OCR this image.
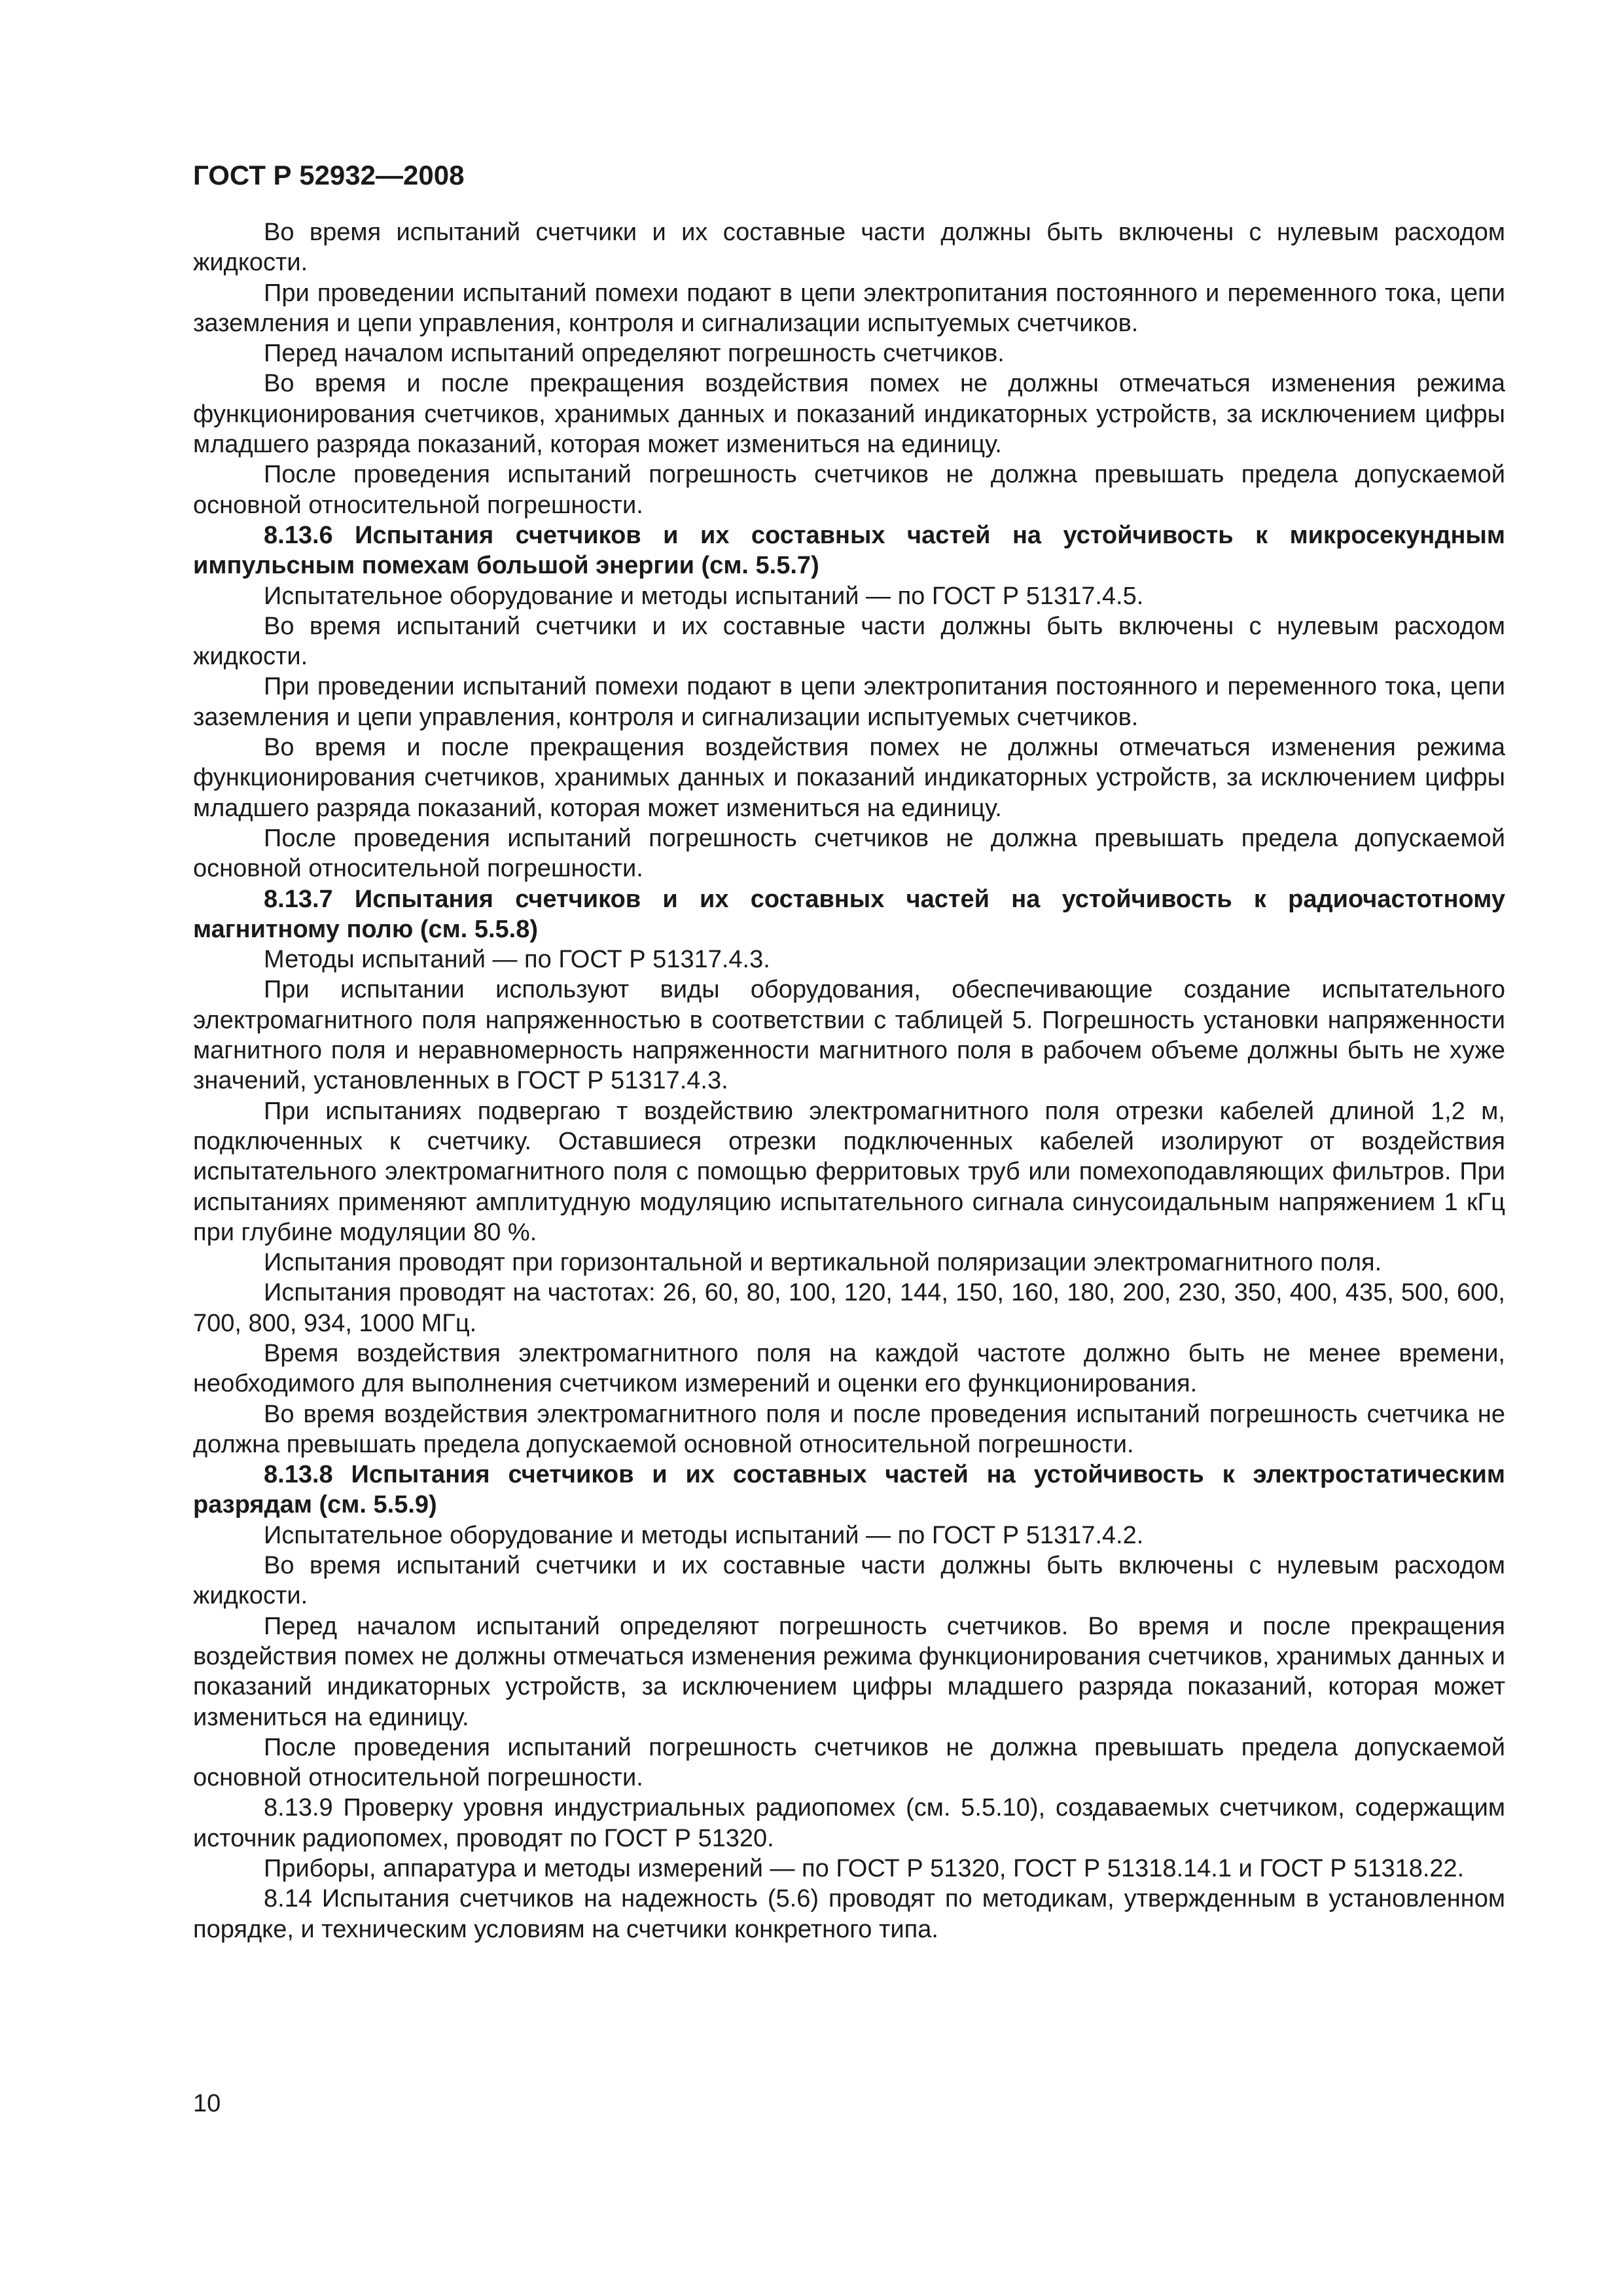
ГОСТ Р 52932—2008

Во время испытаний счетчики и их составные части должны быть включены с нулевым расходом жидкости.

При проведении испытаний помехи подают в цепи электропитания постоянного и переменного тока, цепи заземления и цепи управления, контроля и сигнализации испытуемых счетчиков.

Перед началом испытаний определяют погрешность счетчиков.

Во время и после прекращения воздействия помех не должны отмечаться изменения режима функционирования счетчиков, хранимых данных и показаний индикаторных устройств, за исключением цифры младшего разряда показаний, которая может измениться на единицу.

После проведения испытаний погрешность счетчиков не должна превышать предела допускаемой основной относительной погрешности.

8.13.6 Испытания счетчиков и их составных частей на устойчивость к микросекундным импульсным помехам большой энергии (см. 5.5.7)

Испытательное оборудование и методы испытаний — по ГОСТ Р 51317.4.5.

Во время испытаний счетчики и их составные части должны быть включены с нулевым расходом жидкости.

При проведении испытаний помехи подают в цепи электропитания постоянного и переменного тока, цепи заземления и цепи управления, контроля и сигнализации испытуемых счетчиков.

Во время и после прекращения воздействия помех не должны отмечаться изменения режима функционирования счетчиков, хранимых данных и показаний индикаторных устройств, за исключением цифры младшего разряда показаний, которая может измениться на единицу.

После проведения испытаний погрешность счетчиков не должна превышать предела допускаемой основной относительной погрешности.

8.13.7 Испытания счетчиков и их составных частей на устойчивость к радиочастотному магнитному полю (см. 5.5.8)

Методы испытаний — по ГОСТ Р 51317.4.3.

При испытании используют виды оборудования, обеспечивающие создание испытательного электромагнитного поля напряженностью в соответствии с таблицей 5. Погрешность установки напряженности магнитного поля и неравномерность напряженности магнитного поля в рабочем объеме должны быть не хуже значений, установленных в ГОСТ Р 51317.4.3.

При испытаниях подвергаю т воздействию электромагнитного поля отрезки кабелей длиной 1,2 м, подключенных к счетчику. Оставшиеся отрезки подключенных кабелей изолируют от воздействия испытательного электромагнитного поля с помощью ферритовых труб или помехоподавляющих фильтров. При испытаниях применяют амплитудную модуляцию испытательного сигнала синусоидальным напряжением 1 кГц при глубине модуляции 80 %.

Испытания проводят при горизонтальной и вертикальной поляризации электромагнитного поля.

Испытания проводят на частотах: 26, 60, 80, 100, 120, 144, 150, 160, 180, 200, 230, 350, 400, 435, 500, 600, 700, 800, 934, 1000 МГц.

Время воздействия электромагнитного поля на каждой частоте должно быть не менее времени, необходимого для выполнения счетчиком измерений и оценки его функционирования.

Во время воздействия электромагнитного поля и после проведения испытаний погрешность счетчика не должна превышать предела допускаемой основной относительной погрешности.

8.13.8 Испытания счетчиков и их составных частей на устойчивость к электростатическим разрядам (см. 5.5.9)

Испытательное оборудование и методы испытаний — по ГОСТ Р 51317.4.2.

Во время испытаний счетчики и их составные части должны быть включены с нулевым расходом жидкости.

Перед началом испытаний определяют погрешность счетчиков. Во время и после прекращения воздействия помех не должны отмечаться изменения режима функционирования счетчиков, хранимых данных и показаний индикаторных устройств, за исключением цифры младшего разряда показаний, которая может измениться на единицу.

После проведения испытаний погрешность счетчиков не должна превышать предела допускаемой основной относительной погрешности.

8.13.9 Проверку уровня индустриальных радиопомех (см. 5.5.10), создаваемых счетчиком, содержащим источник радиопомех, проводят по ГОСТ Р 51320.

Приборы, аппаратура и методы измерений — по ГОСТ Р 51320, ГОСТ Р 51318.14.1 и ГОСТ Р 51318.22.

8.14 Испытания счетчиков на надежность (5.6) проводят по методикам, утвержденным в установленном порядке, и техническим условиям на счетчики конкретного типа.

10
